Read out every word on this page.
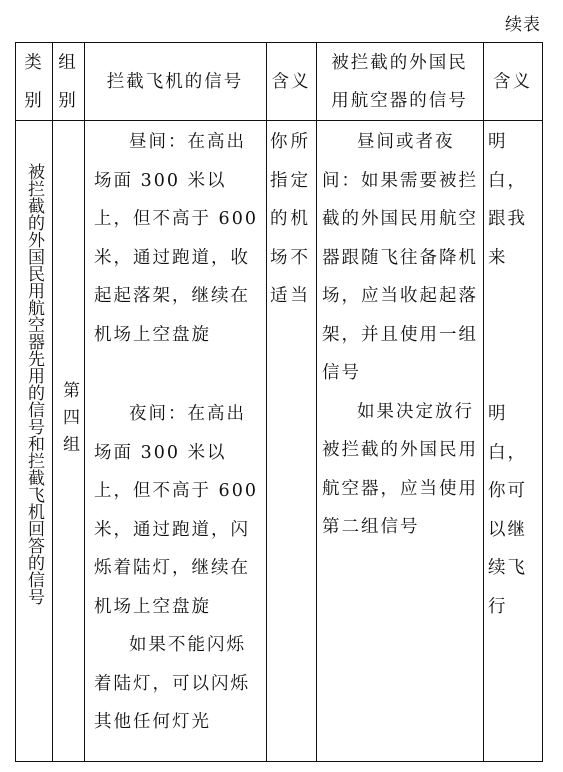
续表
类别
组别
拦截飞机的信号	含义
被拦截的外国民用航空器的信号
含义
被拦截的外国民用航空器先用的信号和拦截飞机回答的信号 第四组

昼间：在高出场面 300 米以上，但不高于 600 米，通过跑道，收起起落架，继续在机场上空盘旋

夜间：在高出场面 300 米以上，但不高于 600 米，通过跑道，闪烁着陆灯，继续在机场上空盘旋

如果不能闪烁着陆灯，可以闪烁其他任何灯光

你所指定的机场不适当

昼间或者夜间：如果需要被拦截的外国民用航空器跟随飞往备降机场，应当收起起落架，并且使用一组信号

如果决定放行被拦截的外国民用航空器，应当使用第二组信号

明白，跟我来
明白，你可以继续飞行
